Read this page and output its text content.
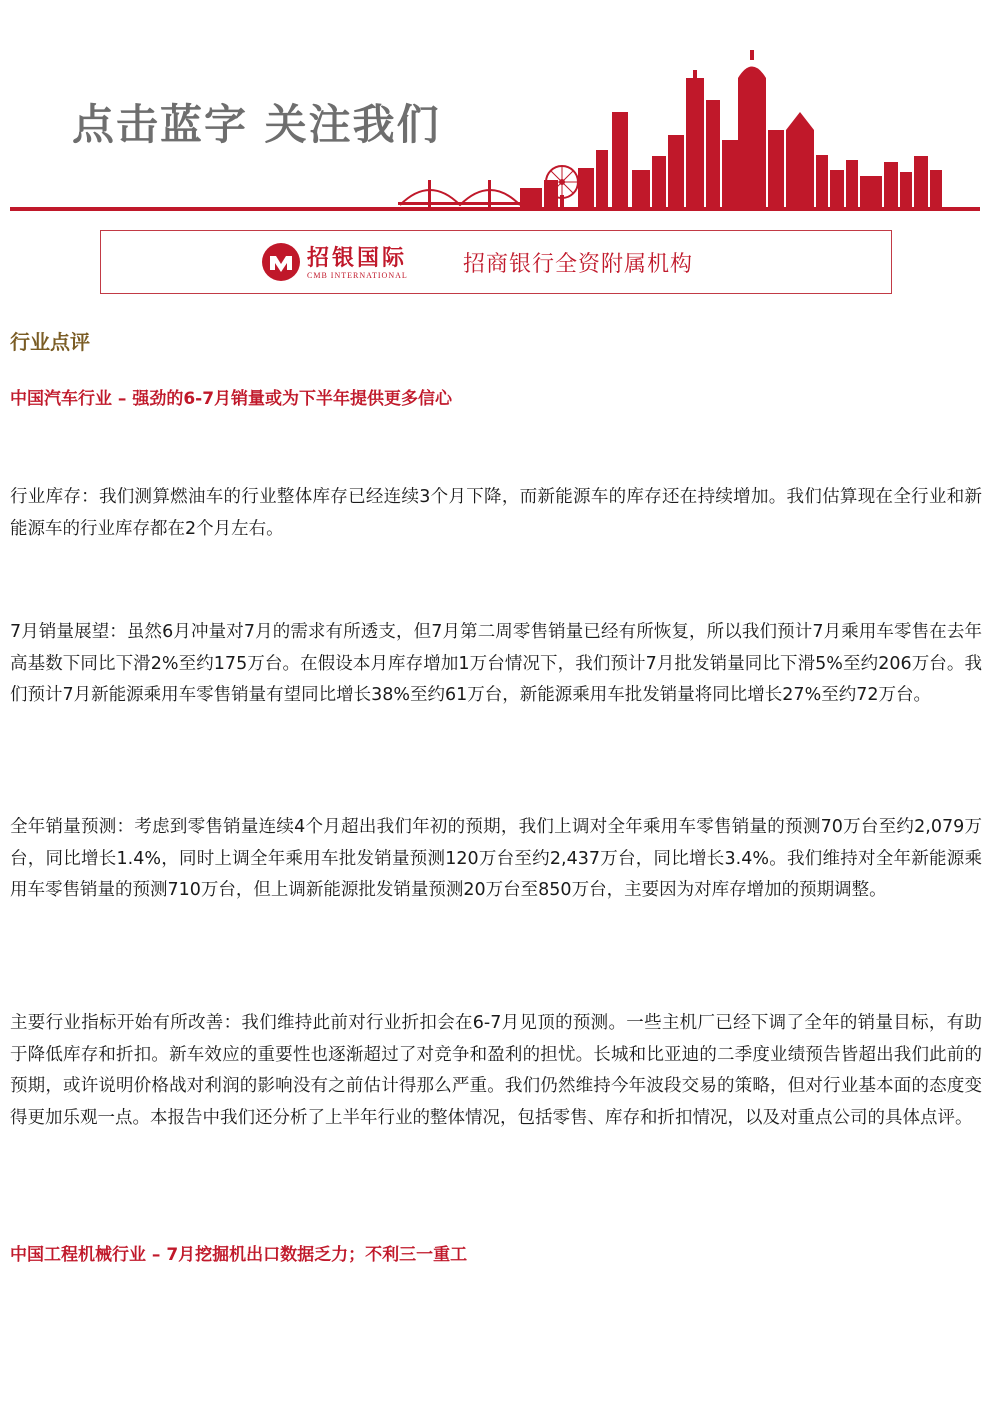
点击蓝字 关注我们
招银国际
CMB INTERNATIONAL	招商银行全资附属机构
行业点评
中国汽车行业 – 强劲的6-7月销量或为下半年提供更多信心

行业库存：我们测算燃油车的行业整体库存已经连续3个月下降，而新能源车的库存还在持续增加。我们估算现在全行业和新能源车的行业库存都在2个月左右。

7月销量展望：虽然6月冲量对7月的需求有所透支，但7月第二周零售销量已经有所恢复，所以我们预计7月乘用车零售在去年高基数下同比下滑2%至约175万台。在假设本月库存增加1万台情况下，我们预计7月批发销量同比下滑5%至约206万台。我们预计7月新能源乘用车零售销量有望同比增长38%至约61万台，新能源乘用车批发销量将同比增长27%至约72万台。

全年销量预测：考虑到零售销量连续4个月超出我们年初的预期，我们上调对全年乘用车零售销量的预测70万台至约2,079万台，同比增长1.4%，同时上调全年乘用车批发销量预测120万台至约2,437万台，同比增长3.4%。我们维持对全年新能源乘用车零售销量的预测710万台，但上调新能源批发销量预测20万台至850万台，主要因为对库存增加的预期调整。

主要行业指标开始有所改善：我们维持此前对行业折扣会在6-7月见顶的预测。一些主机厂已经下调了全年的销量目标，有助于降低库存和折扣。新车效应的重要性也逐渐超过了对竞争和盈利的担忧。长城和比亚迪的二季度业绩预告皆超出我们此前的预期，或许说明价格战对利润的影响没有之前估计得那么严重。我们仍然维持今年波段交易的策略，但对行业基本面的态度变得更加乐观一点。本报告中我们还分析了上半年行业的整体情况，包括零售、库存和折扣情况，以及对重点公司的具体点评。

中国工程机械行业 – 7月挖掘机出口数据乏力；不利三一重工
